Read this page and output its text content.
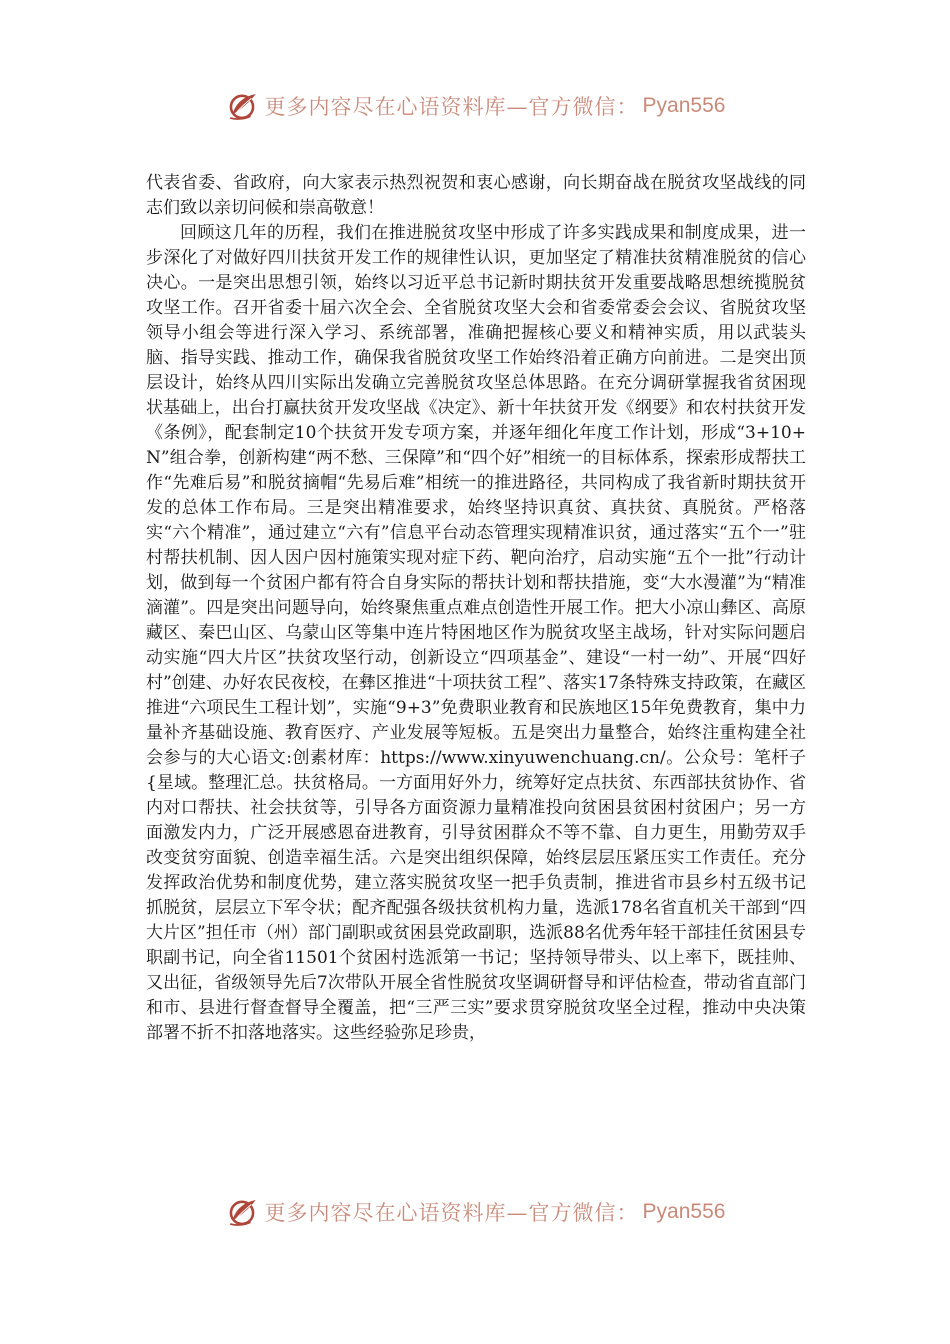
更多内容尽在心语资料库—官方微信： Pyan556

代表省委、省政府，向大家表示热烈祝贺和衷心感谢，向长期奋战在脱贫攻坚战线的同志们致以亲切问候和崇高敬意！

回顾这几年的历程，我们在推进脱贫攻坚中形成了许多实践成果和制度成果，进一步深化了对做好四川扶贫开发工作的规律性认识，更加坚定了精准扶贫精准脱贫的信心决心。一是突出思想引领，始终以习近平总书记新时期扶贫开发重要战略思想统揽脱贫攻坚工作。召开省委十届六次全会、全省脱贫攻坚大会和省委常委会会议、省脱贫攻坚领导小组会等进行深入学习、系统部署，准确把握核心要义和精神实质，用以武装头脑、指导实践、推动工作，确保我省脱贫攻坚工作始终沿着正确方向前进。二是突出顶层设计，始终从四川实际出发确立完善脱贫攻坚总体思路。在充分调研掌握我省贫困现状基础上，出台打赢扶贫开发攻坚战《决定》、新十年扶贫开发《纲要》和农村扶贫开发《条例》，配套制定10个扶贫开发专项方案，并逐年细化年度工作计划，形成“3+10+N”组合拳，创新构建“两不愁、三保障”和“四个好”相统一的目标体系，探索形成帮扶工作“先难后易”和脱贫摘帽“先易后难”相统一的推进路径，共同构成了我省新时期扶贫开发的总体工作布局。三是突出精准要求，始终坚持识真贫、真扶贫、真脱贫。严格落实“六个精准”，通过建立“六有”信息平台动态管理实现精准识贫，通过落实“五个一”驻村帮扶机制、因人因户因村施策实现对症下药、靶向治疗，启动实施“五个一批”行动计划，做到每一个贫困户都有符合自身实际的帮扶计划和帮扶措施，变“大水漫灌”为“精准滴灌”。四是突出问题导向，始终聚焦重点难点创造性开展工作。把大小凉山彝区、高原藏区、秦巴山区、乌蒙山区等集中连片特困地区作为脱贫攻坚主战场，针对实际问题启动实施“四大片区”扶贫攻坚行动，创新设立“四项基金”、建设“一村一幼”、开展“四好村”创建、办好农民夜校，在彝区推进“十项扶贫工程”、落实17条特殊支持政策，在藏区推进“六项民生工程计划”，实施“9+3”免费职业教育和民族地区15年免费教育，集中力量补齐基础设施、教育医疗、产业发展等短板。五是突出力量整合，始终注重构建全社会参与的大心语文:创素材库：https://www.xinyuwenchuang.cn/。公众号：笔杆子{星域。整理汇总。扶贫格局。一方面用好外力，统筹好定点扶贫、东西部扶贫协作、省内对口帮扶、社会扶贫等，引导各方面资源力量精准投向贫困县贫困村贫困户；另一方面激发内力，广泛开展感恩奋进教育，引导贫困群众不等不靠、自力更生，用勤劳双手改变贫穷面貌、创造幸福生活。六是突出组织保障，始终层层压紧压实工作责任。充分发挥政治优势和制度优势，建立落实脱贫攻坚一把手负责制，推进省市县乡村五级书记抓脱贫，层层立下军令状；配齐配强各级扶贫机构力量，选派178名省直机关干部到“四大片区”担任市（州）部门副职或贫困县党政副职，选派88名优秀年轻干部挂任贫困县专职副书记，向全省11501个贫困村选派第一书记；坚持领导带头、以上率下，既挂帅、又出征，省级领导先后7次带队开展全省性脱贫攻坚调研督导和评估检查，带动省直部门和市、县进行督查督导全覆盖，把“三严三实”要求贯穿脱贫攻坚全过程，推动中央决策部署不折不扣落地落实。这些经验弥足珍贵，

更多内容尽在心语资料库—官方微信： Pyan556
